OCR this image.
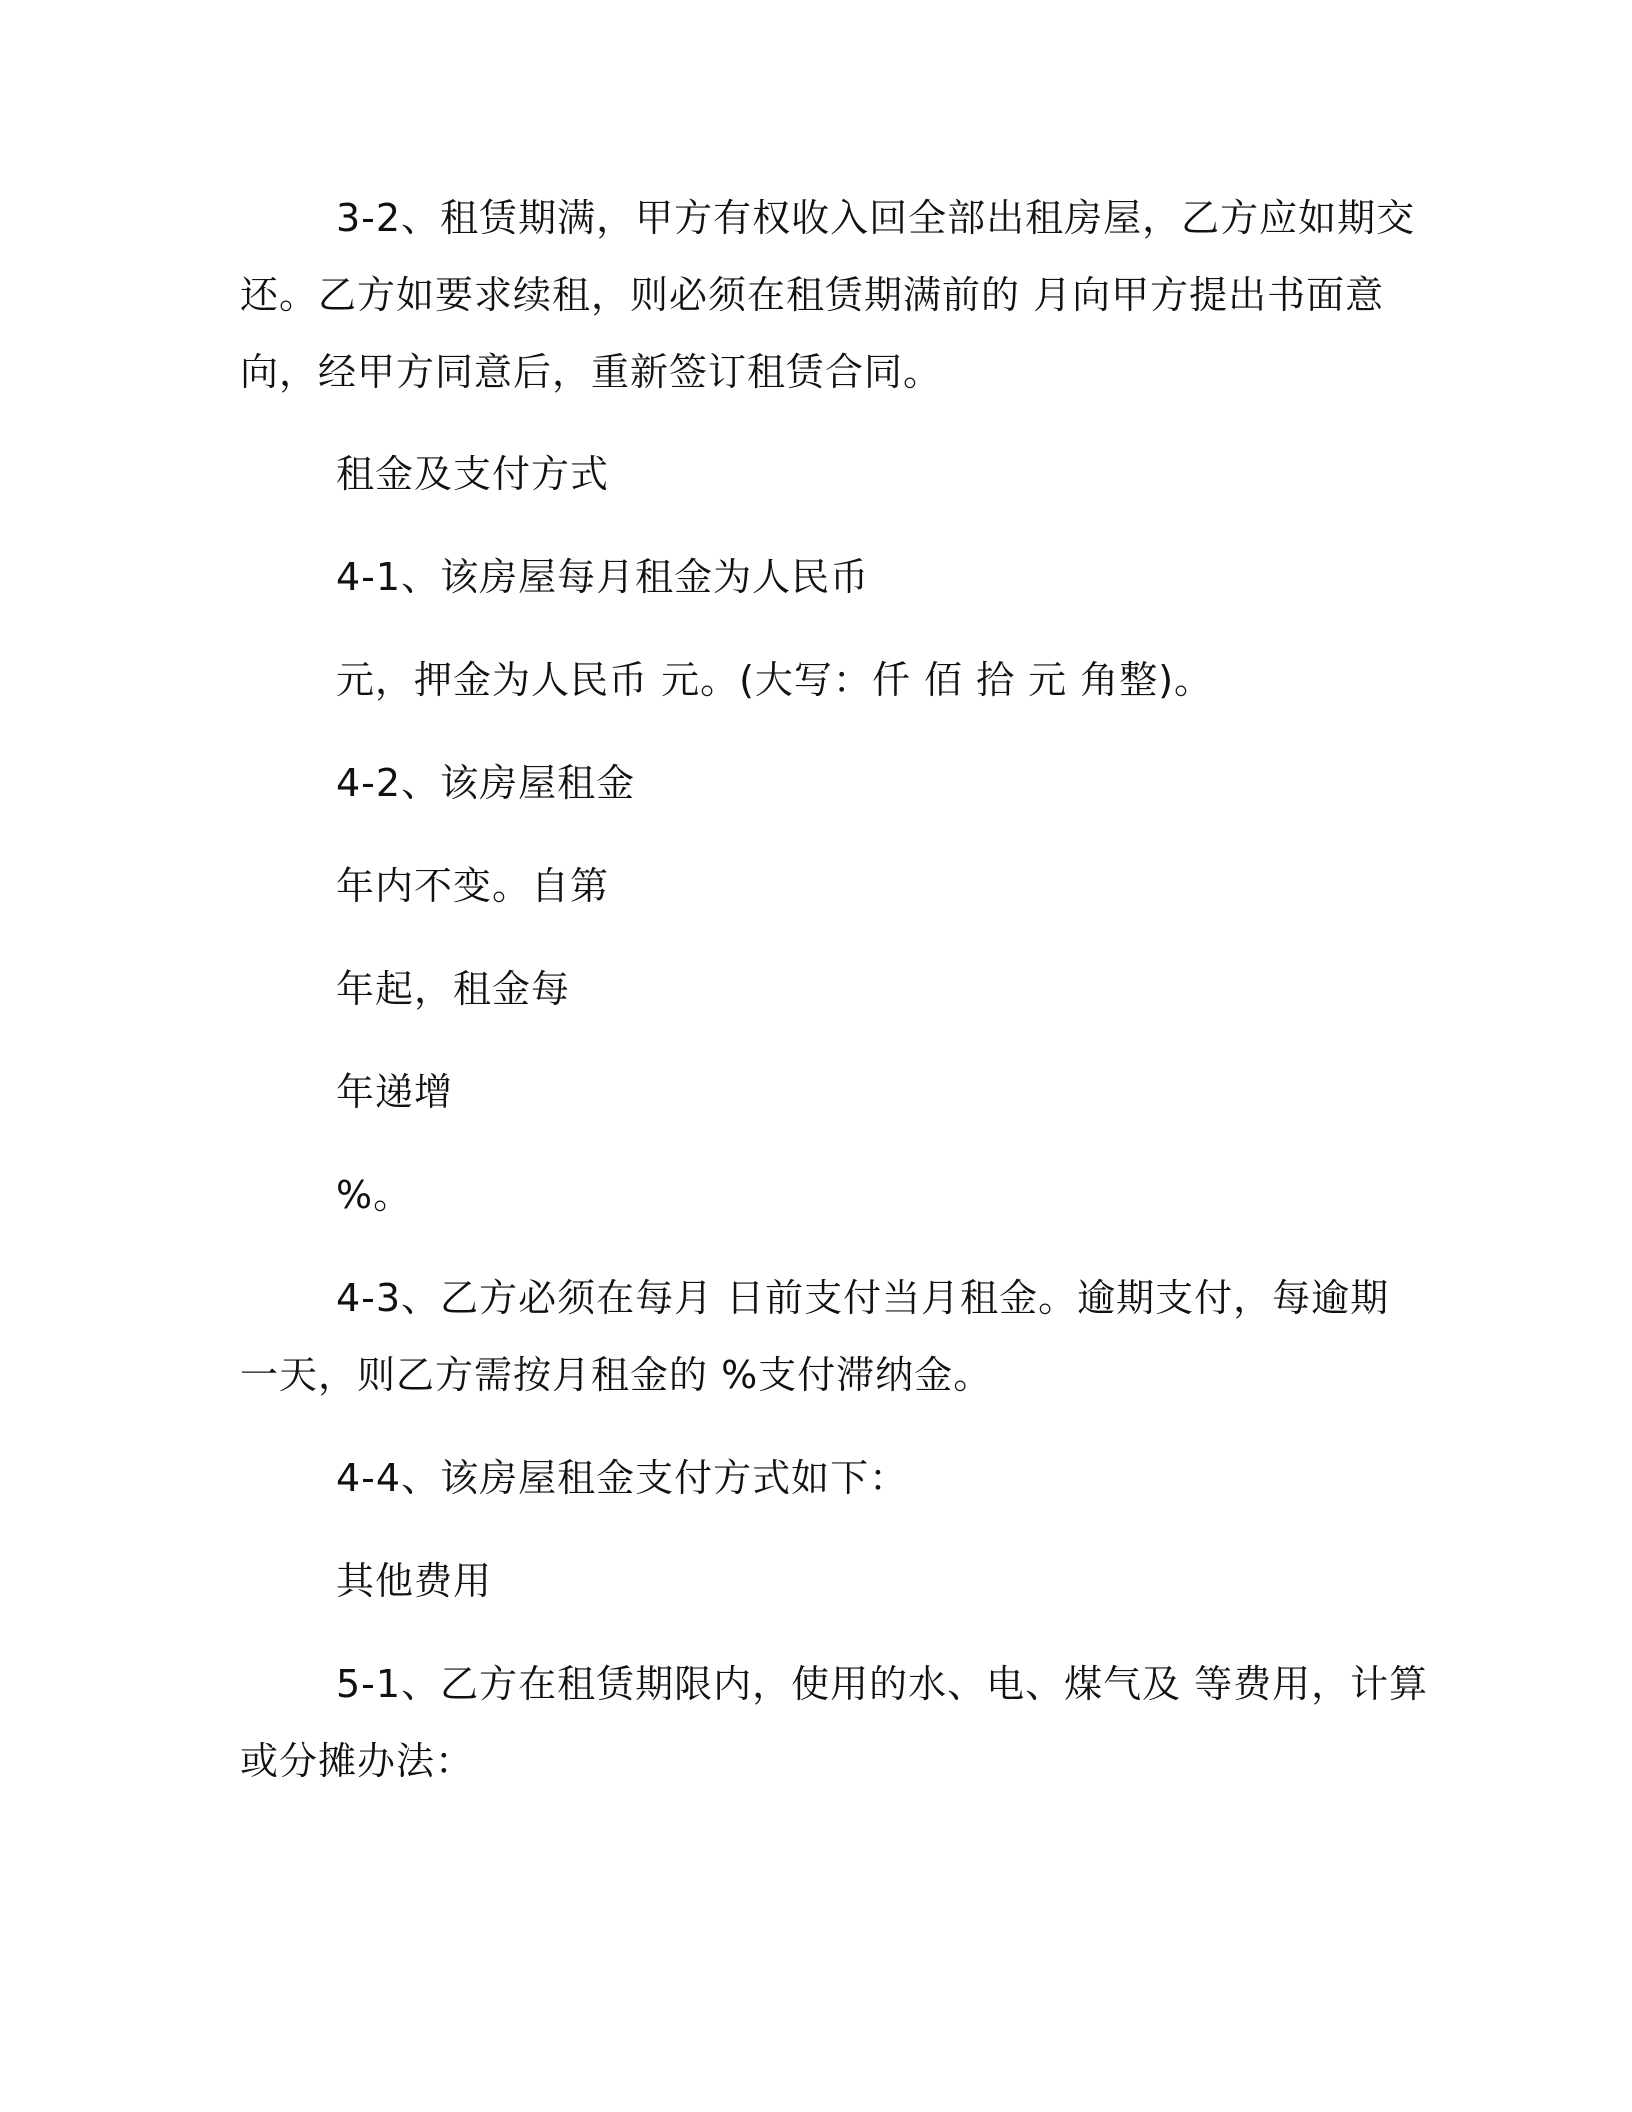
3-2、租赁期满，甲方有权收入回全部出租房屋，乙方应如期交
还。乙方如要求续租，则必须在租赁期满前的 月向甲方提出书面意
向，经甲方同意后，重新签订租赁合同。

租金及支付方式

4-1、该房屋每月租金为人民币

元，押金为人民币 元。(大写：仟 佰 拾 元 角整)。

4-2、该房屋租金

年内不变。自第

年起，租金每

年递增

%。

4-3、乙方必须在每月 日前支付当月租金。逾期支付，每逾期
一天，则乙方需按月租金的 %支付滞纳金。

4-4、该房屋租金支付方式如下：

其他费用

5-1、乙方在租赁期限内，使用的水、电、煤气及 等费用，计算
或分摊办法：
